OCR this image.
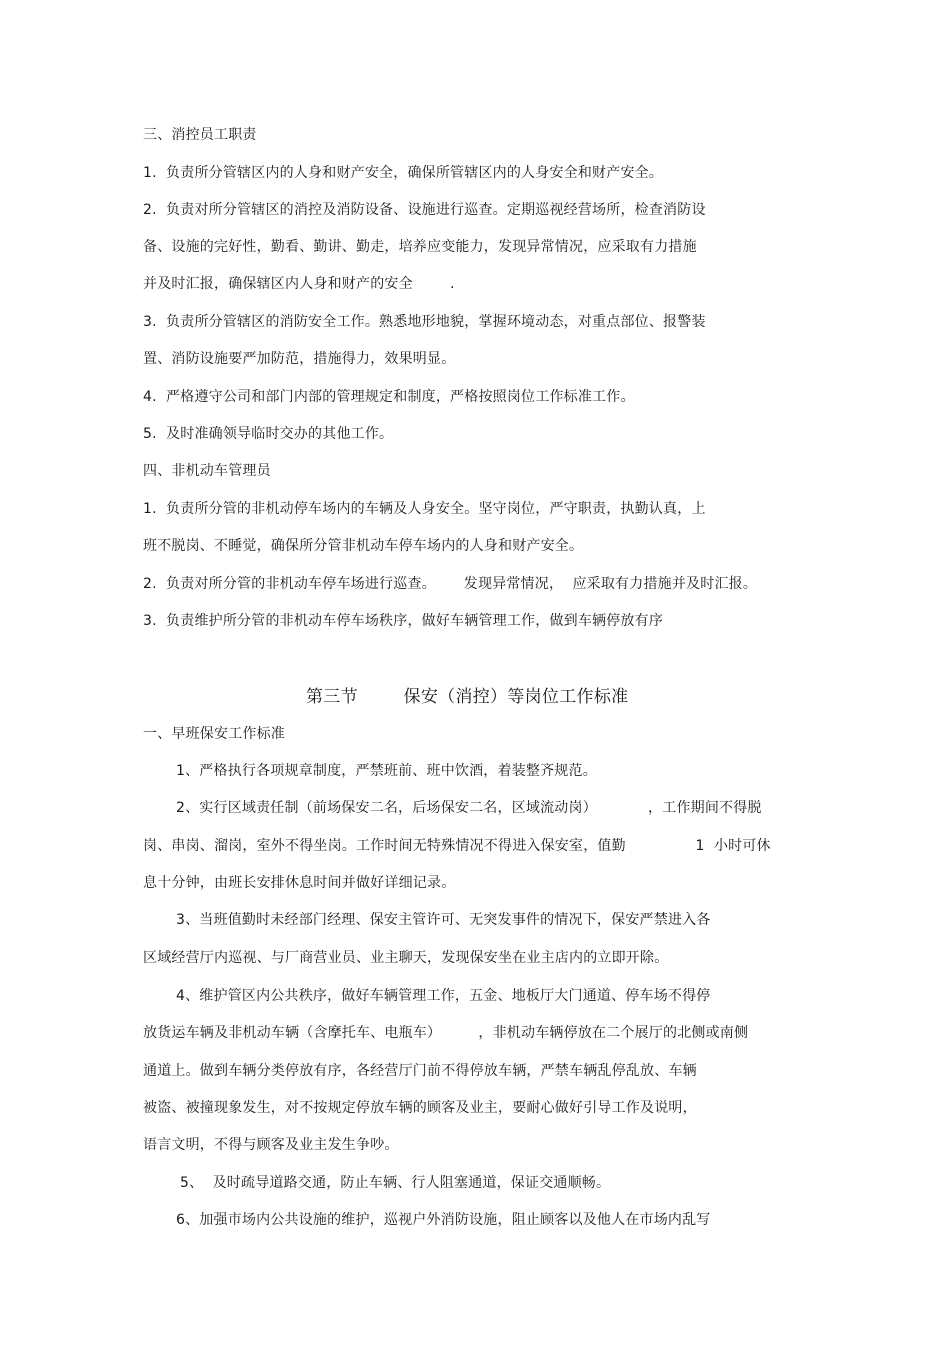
三、消控员工职责
1.  负责所分管辖区内的人身和财产安全，确保所管辖区内的人身安全和财产安全。
2.  负责对所分管辖区的消控及消防设备、设施进行巡查。定期巡视经营场所，检查消防设
备、设施的完好性，勤看、勤讲、勤走，培养应变能力，发现异常情况，应采取有力措施
并及时汇报，确保辖区内人身和财产的安全        .
3.  负责所分管辖区的消防安全工作。熟悉地形地貌，掌握环境动态，对重点部位、报警装
置、消防设施要严加防范，措施得力，效果明显。
4.  严格遵守公司和部门内部的管理规定和制度，严格按照岗位工作标准工作。
5.  及时准确领导临时交办的其他工作。
四、非机动车管理员
1.  负责所分管的非机动停车场内的车辆及人身安全。坚守岗位，严守职责，执勤认真，上
班不脱岗、不睡觉，确保所分管非机动车停车场内的人身和财产安全。
2.  负责对所分管的非机动车停车场进行巡查。      发现异常情况，  应采取有力措施并及时汇报。
3.  负责维护所分管的非机动车停车场秩序，做好车辆管理工作，做到车辆停放有序
第三节        保安（消控）等岗位工作标准
一、早班保安工作标准
1、严格执行各项规章制度，严禁班前、班中饮酒，着装整齐规范。
2、实行区域责任制（前场保安二名，后场保安二名，区域流动岗）           ，工作期间不得脱
岗、串岗、溜岗，室外不得坐岗。工作时间无特殊情况不得进入保安室，值勤               1  小时可休
息十分钟，由班长安排休息时间并做好详细记录。
3、当班值勤时未经部门经理、保安主管许可、无突发事件的情况下，保安严禁进入各
区域经营厅内巡视、与厂商营业员、业主聊天，发现保安坐在业主店内的立即开除。
4、维护管区内公共秩序，做好车辆管理工作，五金、地板厅大门通道、停车场不得停
放货运车辆及非机动车辆（含摩托车、电瓶车）        ，非机动车辆停放在二个展厅的北侧或南侧
通道上。做到车辆分类停放有序，各经营厅门前不得停放车辆，严禁车辆乱停乱放、车辆
被盗、被撞现象发生，对不按规定停放车辆的顾客及业主，要耐心做好引导工作及说明，
语言文明，不得与顾客及业主发生争吵。
5、  及时疏导道路交通，防止车辆、行人阻塞通道，保证交通顺畅。
6、加强市场内公共设施的维护，巡视户外消防设施，阻止顾客以及他人在市场内乱写
